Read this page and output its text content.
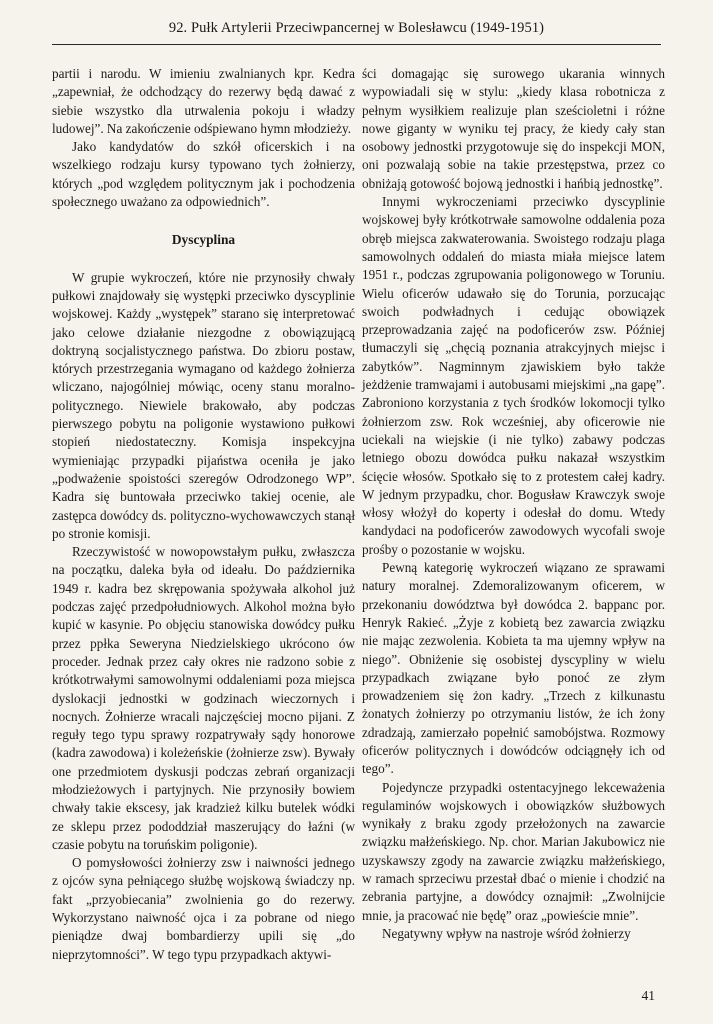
92. Pułk Artylerii Przeciwpancernej w Bolesławcu (1949-1951)

partii i narodu. W imieniu zwalnianych kpr. Kedra „zapewniał, że odchodzący do rezerwy będą dawać z siebie wszystko dla utrwalenia pokoju i władzy ludowej”. Na zakończenie odśpiewano hymn młodzieży.

Jako kandydatów do szkół oficerskich i na wszelkiego rodzaju kursy typowano tych żołnierzy, których „pod względem politycznym jak i pochodzenia społecznego uważano za odpowiednich”.

Dyscyplina

W grupie wykroczeń, które nie przynosiły chwały pułkowi znajdowały się występki przeciwko dyscyplinie wojskowej. Każdy „występek” starano się interpretować jako celowe działanie niezgodne z obowiązującą doktryną socjalistycznego państwa. Do zbioru postaw, których przestrzegania wymagano od każdego żołnierza wliczano, najogólniej mówiąc, oceny stanu moralno-politycznego. Niewiele brakowało, aby podczas pierwszego pobytu na poligonie wystawiono pułkowi stopień niedostateczny. Komisja inspekcyjna wymieniając przypadki pijaństwa oceniła je jako „podważenie spoistości szeregów Odrodzonego WP”. Kadra się buntowała przeciwko takiej ocenie, ale zastępca dowódcy ds. polityczno-wychowawczych stanął po stronie komisji.

Rzeczywistość w nowopowstałym pułku, zwłaszcza na początku, daleka była od ideału. Do października 1949 r. kadra bez skrępowania spożywała alkohol już podczas zajęć przedpołudniowych. Alkohol można było kupić w kasynie. Po objęciu stanowiska dowódcy pułku przez ppłka Seweryna Niedzielskiego ukrócono ów proceder. Jednak przez cały okres nie radzono sobie z krótkotrwałymi samowolnymi oddaleniami poza miejsca dyslokacji jednostki w godzinach wieczornych i nocnych. Żołnierze wracali najczęściej mocno pijani. Z reguły tego typu sprawy rozpatrywały sądy honorowe (kadra zawodowa) i koleżeńskie (żołnierze zsw). Bywały one przedmiotem dyskusji podczas zebrań organizacji młodzieżowych i partyjnych. Nie przynosiły bowiem chwały takie ekscesy, jak kradzież kilku butelek wódki ze sklepu przez pododdział maszerujący do łaźni (w czasie pobytu na toruńskim poligonie).

O pomysłowości żołnierzy zsw i naiwności jednego z ojców syna pełniącego służbę wojskową świadczy np. fakt „przyobiecania” zwolnienia go do rezerwy. Wykorzystano naiwność ojca i za pobrane od niego pieniądze dwaj bombardierzy upili się „do nieprzytomności”. W tego typu przypadkach aktywi-

ści domagając się surowego ukarania winnych wypowiadali się w stylu: „kiedy klasa robotnicza z pełnym wysiłkiem realizuje plan sześcioletni i różne nowe giganty w wyniku tej pracy, że kiedy cały stan osobowy jednostki przygotowuje się do inspekcji MON, oni pozwalają sobie na takie przestępstwa, przez co obniżają gotowość bojową jednostki i hańbią jednostkę”.

Innymi wykroczeniami przeciwko dyscyplinie wojskowej były krótkotrwałe samowolne oddalenia poza obręb miejsca zakwaterowania. Swoistego rodzaju plaga samowolnych oddaleń do miasta miała miejsce latem 1951 r., podczas zgrupowania poligonowego w Toruniu. Wielu oficerów udawało się do Torunia, porzucając swoich podwładnych i cedując obowiązek przeprowadzania zajęć na podoficerów zsw. Później tłumaczyli się „chęcią poznania atrakcyjnych miejsc i zabytków”. Nagminnym zjawiskiem było także jeżdżenie tramwajami i autobusami miejskimi „na gapę”. Zabroniono korzystania z tych środków lokomocji tylko żołnierzom zsw. Rok wcześniej, aby oficerowie nie uciekali na wiejskie (i nie tylko) zabawy podczas letniego obozu dowódca pułku nakazał wszystkim ścięcie włosów. Spotkało się to z protestem całej kadry. W jednym przypadku, chor. Bogusław Krawczyk swoje włosy włożył do koperty i odesłał do domu. Wtedy kandydaci na podoficerów zawodowych wycofali swoje prośby o pozostanie w wojsku.

Pewną kategorię wykroczeń wiązano ze sprawami natury moralnej. Zdemoralizowanym oficerem, w przekonaniu dowództwa był dowódca 2. bappanc por. Henryk Rakieć. „Żyje z kobietą bez zawarcia związku nie mając zezwolenia. Kobieta ta ma ujemny wpływ na niego”. Obniżenie się osobistej dyscypliny w wielu przypadkach związane było ponoć ze złym prowadzeniem się żon kadry. „Trzech z kilkunastu żonatych żołnierzy po otrzymaniu listów, że ich żony zdradzają, zamierzało popełnić samobójstwa. Rozmowy oficerów politycznych i dowódców odciągnęły ich od tego”.

Pojedyncze przypadki ostentacyjnego lekceważenia regulaminów wojskowych i obowiązków służbowych wynikały z braku zgody przełożonych na zawarcie związku małżeńskiego. Np. chor. Marian Jakubowicz nie uzyskawszy zgody na zawarcie związku małżeńskiego, w ramach sprzeciwu przestał dbać o mienie i chodzić na zebrania partyjne, a dowódcy oznajmił: „Zwolnijcie mnie, ja pracować nie będę” oraz „powieście mnie”.

Negatywny wpływ na nastroje wśród żołnierzy

41
